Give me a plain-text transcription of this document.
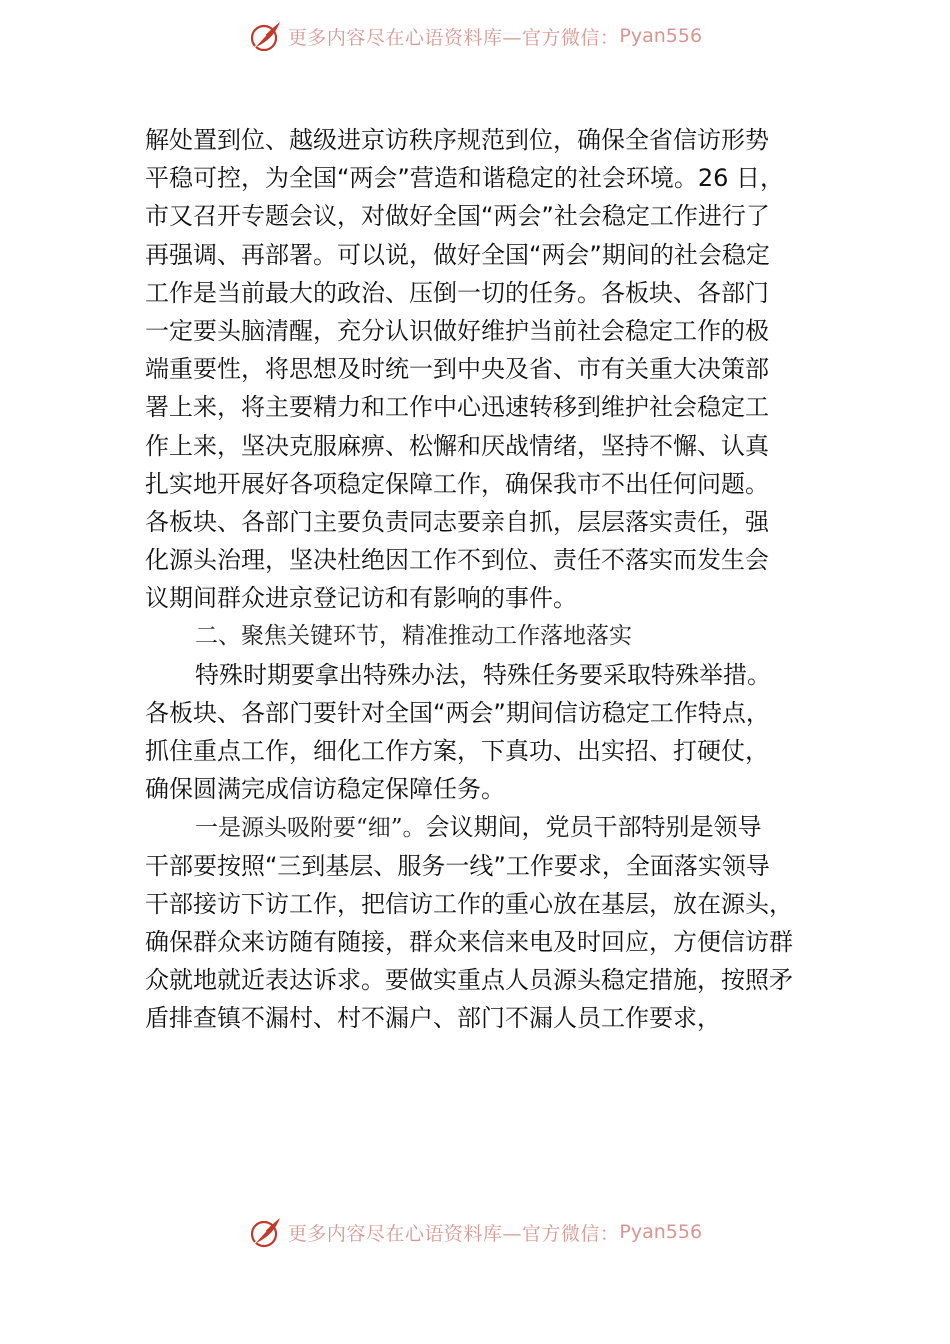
更多内容尽在心语资料库—官方微信： Pyan556
解处置到位、越级进京访秩序规范到位，确保全省信访形势
平稳可控，为全国“两会”营造和谐稳定的社会环境。26 日，
市又召开专题会议，对做好全国“两会”社会稳定工作进行了
再强调、再部署。可以说，做好全国“两会”期间的社会稳定
工作是当前最大的政治、压倒一切的任务。各板块、各部门
一定要头脑清醒，充分认识做好维护当前社会稳定工作的极
端重要性，将思想及时统一到中央及省、市有关重大决策部
署上来，将主要精力和工作中心迅速转移到维护社会稳定工
作上来，坚决克服麻痹、松懈和厌战情绪，坚持不懈、认真
扎实地开展好各项稳定保障工作，确保我市不出任何问题。
各板块、各部门主要负责同志要亲自抓，层层落实责任，强
化源头治理，坚决杜绝因工作不到位、责任不落实而发生会
议期间群众进京登记访和有影响的事件。
二、聚焦关键环节，精准推动工作落地落实
特殊时期要拿出特殊办法，特殊任务要采取特殊举措。
各板块、各部门要针对全国“两会”期间信访稳定工作特点，
抓住重点工作，细化工作方案，下真功、出实招、打硬仗，
确保圆满完成信访稳定保障任务。
一是源头吸附要“细”。会议期间，党员干部特别是领导
干部要按照“三到基层、服务一线”工作要求，全面落实领导
干部接访下访工作，把信访工作的重心放在基层，放在源头，
确保群众来访随有随接，群众来信来电及时回应，方便信访群
众就地就近表达诉求。要做实重点人员源头稳定措施，按照矛
盾排查镇不漏村、村不漏户、部门不漏人员工作要求，
更多内容尽在心语资料库—官方微信： Pyan556
